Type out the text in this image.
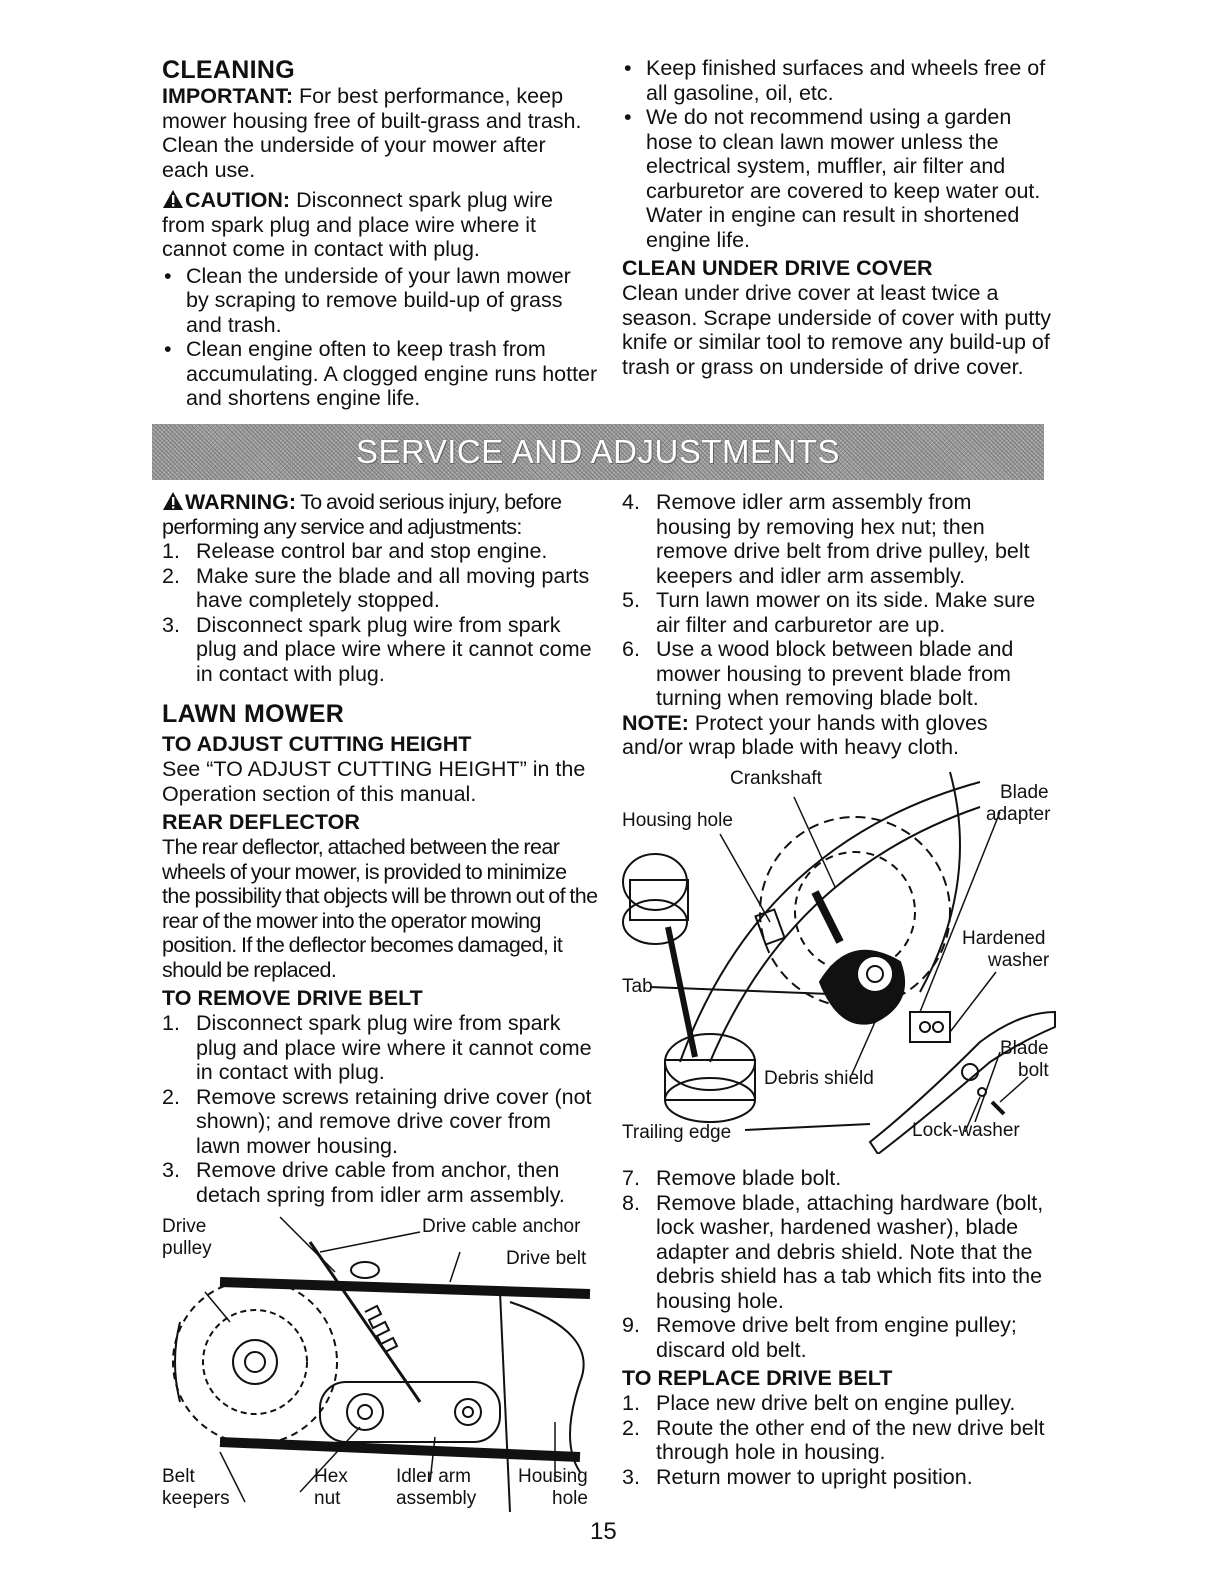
CLEANING

IMPORTANT: For best performance, keep mower housing free of built-grass and trash. Clean the underside of your mower after each use.

CAUTION: Disconnect spark plug wire from spark plug and place wire where it cannot come in contact with plug.

• Clean the underside of your lawn mower by scraping to remove build-up of grass and trash.
• Clean engine often to keep trash from accumulating. A clogged engine runs hotter and shortens engine life.
• Keep finished surfaces and wheels free of all gasoline, oil, etc.
• We do not recommend using a garden hose to clean lawn mower unless the electrical system, muffler, air filter and carburetor are covered to keep water out. Water in engine can result in shortened engine life.
CLEAN UNDER DRIVE COVER

Clean under drive cover at least twice a season. Scrape underside of cover with putty knife or similar tool to remove any build-up of trash or grass on underside of drive cover.

SERVICE AND ADJUSTMENTS

WARNING: To avoid serious injury, before performing any service and adjustments:

1. Release control bar and stop engine.
2. Make sure the blade and all moving parts have completely stopped.
3. Disconnect spark plug wire from spark plug and place wire where it cannot come in contact with plug.
LAWN MOWER
TO ADJUST CUTTING HEIGHT

See “TO ADJUST CUTTING HEIGHT” in the Operation section of this manual.

REAR DEFLECTOR

The rear deflector, attached between the rear wheels of your mower, is provided to minimize the possibility that objects will be thrown out of the rear of the mower into the operator mowing position. If the deflector becomes damaged, it should be replaced.

TO REMOVE DRIVE BELT
1. Disconnect spark plug wire from spark plug and place wire where it cannot come in contact with plug.
2. Remove screws retaining drive cover (not shown); and remove drive cover from lawn mower housing.
3. Remove drive cable from anchor, then detach spring from idler arm assembly.
Drive
pulley
Drive cable anchor
Drive belt
Belt
keepers
Hex
nut
Idler arm
assembly
Housing
hole
15
4. Remove idler arm assembly from housing by removing hex nut; then remove drive belt from drive pulley, belt keepers and idler arm assembly.
5. Turn lawn mower on its side. Make sure air filter and carburetor are up.
6. Use a wood block between blade and mower housing to prevent blade from turning when removing blade bolt.

NOTE: Protect your hands with gloves and/or wrap blade with heavy cloth.

Crankshaft
Housing hole
Blade
adapter
Hardened
washer
Tab
Blade
bolt
Debris shield
Trailing edge	Lock-washer
7. Remove blade bolt.
8. Remove blade, attaching hardware (bolt, lock washer, hardened washer), blade adapter and debris shield. Note that the debris shield has a tab which fits into the housing hole.
9. Remove drive belt from engine pulley; discard old belt.
TO REPLACE DRIVE BELT
1. Place new drive belt on engine pulley.
2. Route the other end of the new drive belt through hole in housing.
3. Return mower to upright position.
